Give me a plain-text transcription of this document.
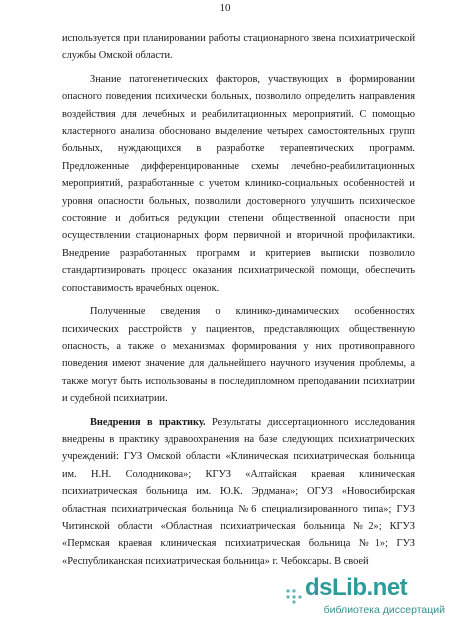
10

используется при планировании работы стационарного звена психиатрической службы Омской области.

Знание патогенетических факторов, участвующих в формировании опасного поведения психически больных, позволило определить направления воздействия для лечебных и реабилитационных мероприятий. С помощью кластерного анализа обосновано выделение четырех самостоятельных групп больных, нуждающихся в разработке терапевтических программ. Предложенные дифференцированные схемы лечебно-реабилитационных мероприятий, разработанные с учетом клинико-социальных особенностей и уровня опасности больных, позволили достоверного улучшить психическое состояние и добиться редукции степени общественной опасности при осуществлении стационарных форм первичной и вторичной профилактики. Внедрение разработанных программ и критериев выписки позволило стандартизировать процесс оказания психиатрической помощи, обеспечить сопоставимость врачебных оценок.

Полученные сведения о клинико-динамических особенностях психических расстройств у пациентов, представляющих общественную опасность, а также о механизмах формирования у них противоправного поведения имеют значение для дальнейшего научного изучения проблемы, а также могут быть использованы в последипломном преподавании психиатрии и судебной психиатрии.

Внедрения в практику. Результаты диссертационного исследования внедрены в практику здравоохранения на базе следующих психиатрических учреждений: ГУЗ Омской области «Клиническая психиатрическая больница им. Н.Н. Солодникова»; КГУЗ «Алтайская краевая клиническая психиатрическая больница им. Ю.К. Эрдмана»; ОГУЗ «Новосибирская областная психиатрическая больница №6 специализированного типа»; ГУЗ Читинской области «Областная психиатрическая больница №2»; КГУЗ «Пермская краевая клиническая психиатрическая больница №1»; ГУЗ «Республиканская психиатрическая больница» г. Чебоксары. В своей

dsLib.net
библиотека диссертаций
